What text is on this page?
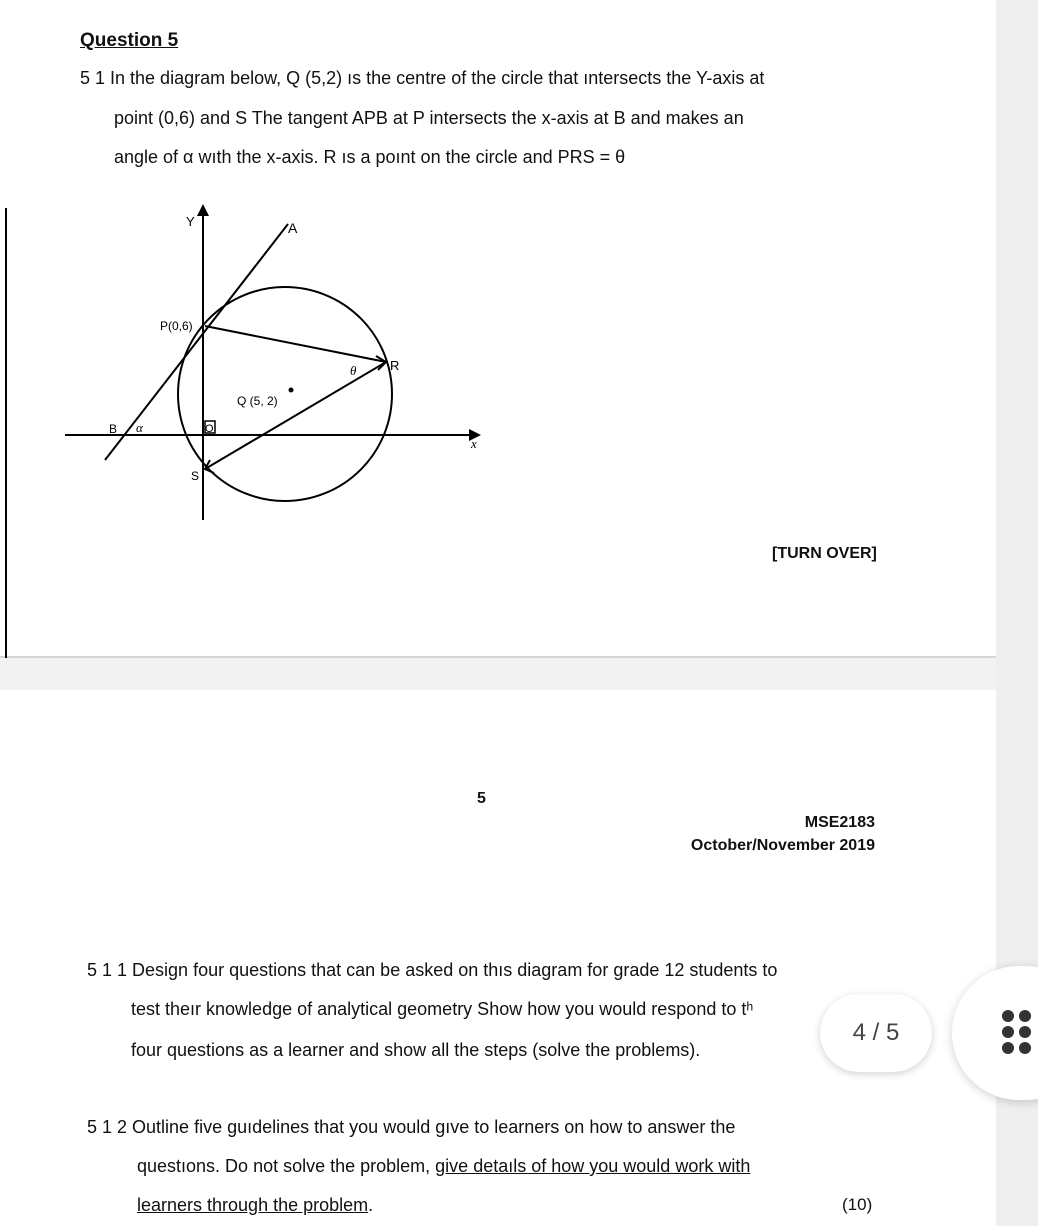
Question 5
5 1 In the diagram below, Q (5,2) ıs the centre of the circle that ıntersects the Y-axis at
point (0,6) and S The tangent APB at P intersects the x-axis at B and makes an
angle of α wıth the x-axis. R ıs a poınt on the circle and PRS = θ
Y	A
P(0,6)
R
θ
Q (5, 2)
B α	O
S
x
[TURN OVER]
5
MSE2183
October/November 2019
5 1 1 Design four questions that can be asked on thıs diagram for grade 12 students to
test theır knowledge of analytical geometry Show how you would respond to tʰ
four questions as a learner and show all the steps (solve the problems).
5 1 2 Outline five guıdelines that you would gıve to learners on how to answer the
questıons. Do not solve the problem, give detaıls of how you would work with
learners through the problem.	(10)
4 / 5
